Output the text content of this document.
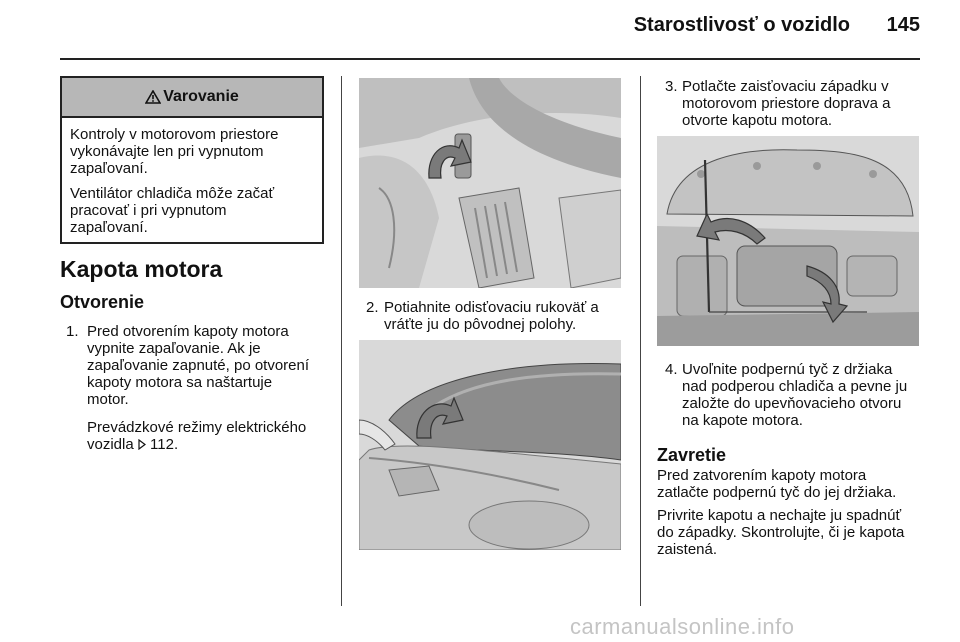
Starostlivosť o vozidlo	145
Varovanie

Kontroly v motorovom priestore
vykonávajte len pri vypnutom
zapaľovaní.

Ventilátor chladiča môže začať
pracovať i pri vypnutom
zapaľovaní.

Kapota motora
Otvorenie
1. Pred otvorením kapoty motora
vypnite zapaľovanie. Ak je
zapaľovanie zapnuté, po otvorení
kapoty motora sa naštartuje
motor.
Prevádzkové režimy elektrického
vozidla 112.
2. Potiahnite odisťovaciu rukoväť a
vráťte ju do pôvodnej polohy.
3. Potlačte zaisťovaciu západku v
motorovom priestore doprava a
otvorte kapotu motora.
4. Uvoľnite podpernú tyč z držiaka
nad podperou chladiča a pevne ju
založte do upevňovacieho otvoru
na kapote motora.
Zavretie
Pred zatvorením kapoty motora
zatlačte podpernú tyč do jej držiaka.
Privrite kapotu a nechajte ju spadnúť
do západky. Skontrolujte, či je kapota
zaistená.
carmanualsonline.info
